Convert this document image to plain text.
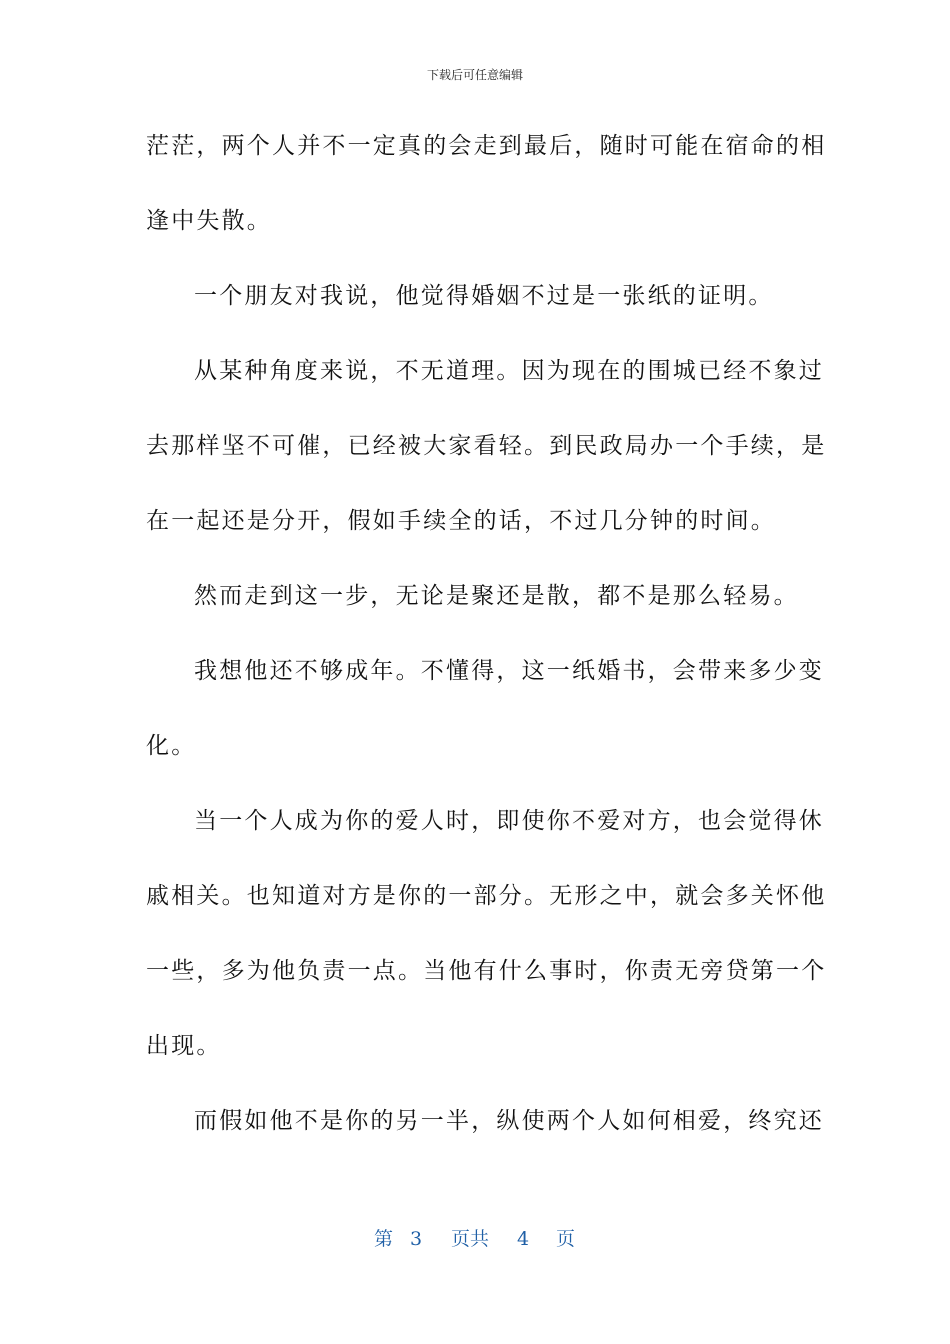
下载后可任意编辑
茫茫，两个人并不一定真的会走到最后，随时可能在宿命的相
逢中失散。
一个朋友对我说，他觉得婚姻不过是一张纸的证明。
从某种角度来说，不无道理。因为现在的围城已经不象过
去那样坚不可催，已经被大家看轻。到民政局办一个手续，是
在一起还是分开，假如手续全的话，不过几分钟的时间。
然而走到这一步，无论是聚还是散，都不是那么轻易。
我想他还不够成年。不懂得，这一纸婚书，会带来多少变
化。
当一个人成为你的爱人时，即使你不爱对方，也会觉得休
戚相关。也知道对方是你的一部分。无形之中，就会多关怀他
一些，多为他负责一点。当他有什么事时，你责无旁贷第一个
出现。
而假如他不是你的另一半，纵使两个人如何相爱，终究还
第 3 页共 4 页
